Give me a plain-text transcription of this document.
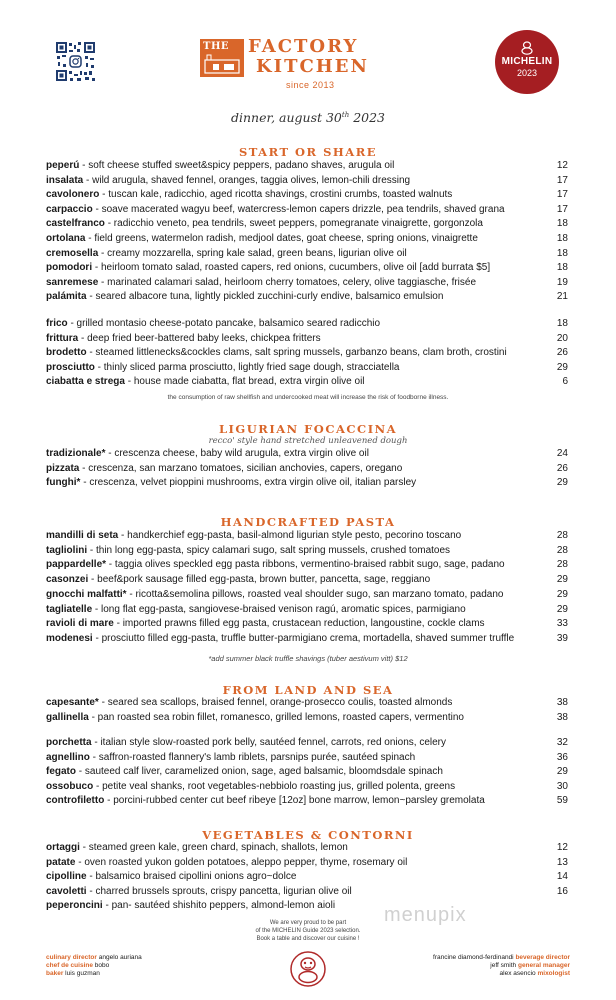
THE FACTORY
KITCHEN
since 2013
MICHELIN
2023
dinner, august 30th 2023
START OR SHARE
peperú - soft cheese stuffed sweet&spicy peppers, padano shaves, arugula oil	12
insalata - wild arugula, shaved fennel, oranges, taggia olives, lemon-chili dressing	17
cavolonero - tuscan kale, radicchio, aged ricotta shavings, crostini crumbs, toasted walnuts	17
carpaccio - soave macerated wagyu beef, watercress-lemon capers drizzle, pea tendrils, shaved grana	17
castelfranco - radicchio veneto, pea tendrils, sweet peppers, pomegranate vinaigrette, gorgonzola	18
ortolana - field greens, watermelon radish, medjool dates, goat cheese, spring onions, vinaigrette	18
cremosella - creamy mozzarella, spring kale salad, green beans, ligurian olive oil	18
pomodori - heirloom tomato salad, roasted capers, red onions, cucumbers, olive oil [add burrata $5]	18
sanremese - marinated calamari salad, heirloom cherry tomatoes, celery, olive taggiasche, frisée	19
palámita - seared albacore tuna, lightly pickled zucchini-curly endive, balsamico emulsion	21
frico - grilled montasio cheese-potato pancake, balsamico seared radicchio	18
frittura - deep fried beer-battered baby leeks, chickpea fritters	20
brodetto - steamed littlenecks&cockles clams, salt spring mussels, garbanzo beans, clam broth, crostini	26
prosciutto - thinly sliced parma prosciutto, lightly fried sage dough, stracciatella	29
ciabatta e stregа - house made ciabatta, flat bread, extra virgin olive oil	6
the consumption of raw shellfish and undercooked meat will increase the risk of foodborne illness.
LIGURIAN FOCACCINA
recco' style hand stretched unleavened dough
tradizionale* - crescenza cheese, baby wild arugula, extra virgin olive oil	24
pizzata - crescenza, san marzano tomatoes, sicilian anchovies, capers, oregano	26
funghi* - crescenza, velvet pioppini mushrooms, extra virgin olive oil, italian parsley	29
HANDCRAFTED PASTA
mandilli di seta - handkerchief egg-pasta, basil-almond ligurian style pesto, pecorino toscano	28
tagliolini - thin long egg-pasta, spicy calamari sugo, salt spring mussels, crushed tomatoes	28
pappardelle* - taggia olives speckled egg pasta ribbons, vermentino-braised rabbit sugo, sage, padano	28
casonzei - beef&pork sausage filled egg-pasta, brown butter, pancetta, sage, reggiano	29
gnocchi malfatti* - ricotta&semolina pillows, roasted veal shoulder sugo, san marzano tomato, padano	29
tagliatelle - long flat egg-pasta, sangiovese-braised venison ragú, aromatic spices, parmigiano	29
ravioli di mare - imported prawns filled egg pasta, crustacean reduction, langoustine, cockle clams	33
modenesi - prosciutto filled egg-pasta, truffle butter-parmigiano crema, mortadella, shaved summer truffle	39
*add summer black truffle shavings (tuber aestivum vitt) $12
FROM LAND AND SEA
capesante* - seared sea scallops, braised fennel, orange-prosecco coulis, toasted almonds	38
gallinella - pan roasted sea robin fillet, romanesco, grilled lemons, roasted capers, vermentino	38
porchetta - italian style slow-roasted pork belly, sautéed fennel, carrots, red onions, celery	32
agnellino - saffron-roasted flannery's lamb riblets, parsnips purée, sautéed spinach	36
fegato - sauteed calf liver, caramelized onion, sage, aged balsamic, bloomdsdale spinach	29
ossobuco - petite veal shanks, root vegetables-nebbiolo roasting jus, grilled polenta, greens	30
controfiletto - porcini-rubbed center cut beef ribeye [12oz] bone marrow, lemon~parsley gremolata	59
VEGETABLES & CONTORNI
ortaggi - steamed green kale, green chard, spinach, shallots, lemon	12
patate - oven roasted yukon golden potatoes, aleppo pepper, thyme, rosemary oil	13
cipolline - balsamico braised cipollini onions agro~dolce	14
cavoletti - charred brussels sprouts, crispy pancetta, ligurian olive oil	16
peperoncini - pan- sautéed shishito peppers, almond-lemon aioli	menupix
We are very proud to be part
of the MICHELIN Guide 2023 selection.
Book a table and discover our cuisine !
culinary director angelo auriana
chef de cuisine bobo
baker luis guzman
francine diamond-ferdinandi beverage director
jeff smith general manager
alex asencio mixologist
